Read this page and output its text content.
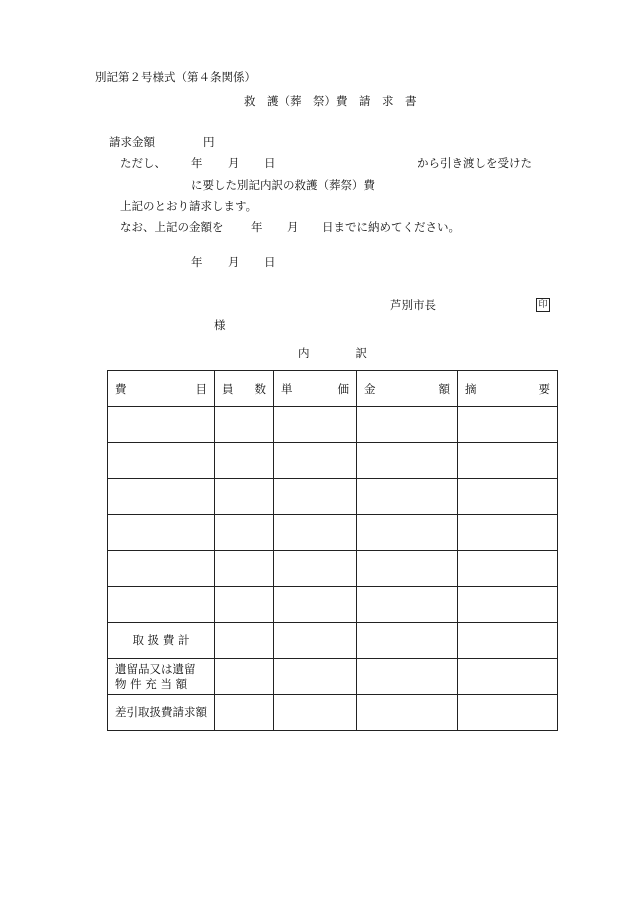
別記第２号様式（第４条関係）
救　護（葬　祭）費　請　求　書
請求金額	円
ただし、 年 月 日	から引き渡しを受けた
に要した別記内訳の救護（葬祭）費
上記のとおり請求します。
なお、上記の金額を 年 月 日までに納めてください。
年 月 日
芦別市長	印
様
内　　　　訳
費 目	員 数	単 価	金 額	摘 要

取 扱 費 計				

遺留品又は遺留
物 件 充 当 額				

差引取扱費請求額				
